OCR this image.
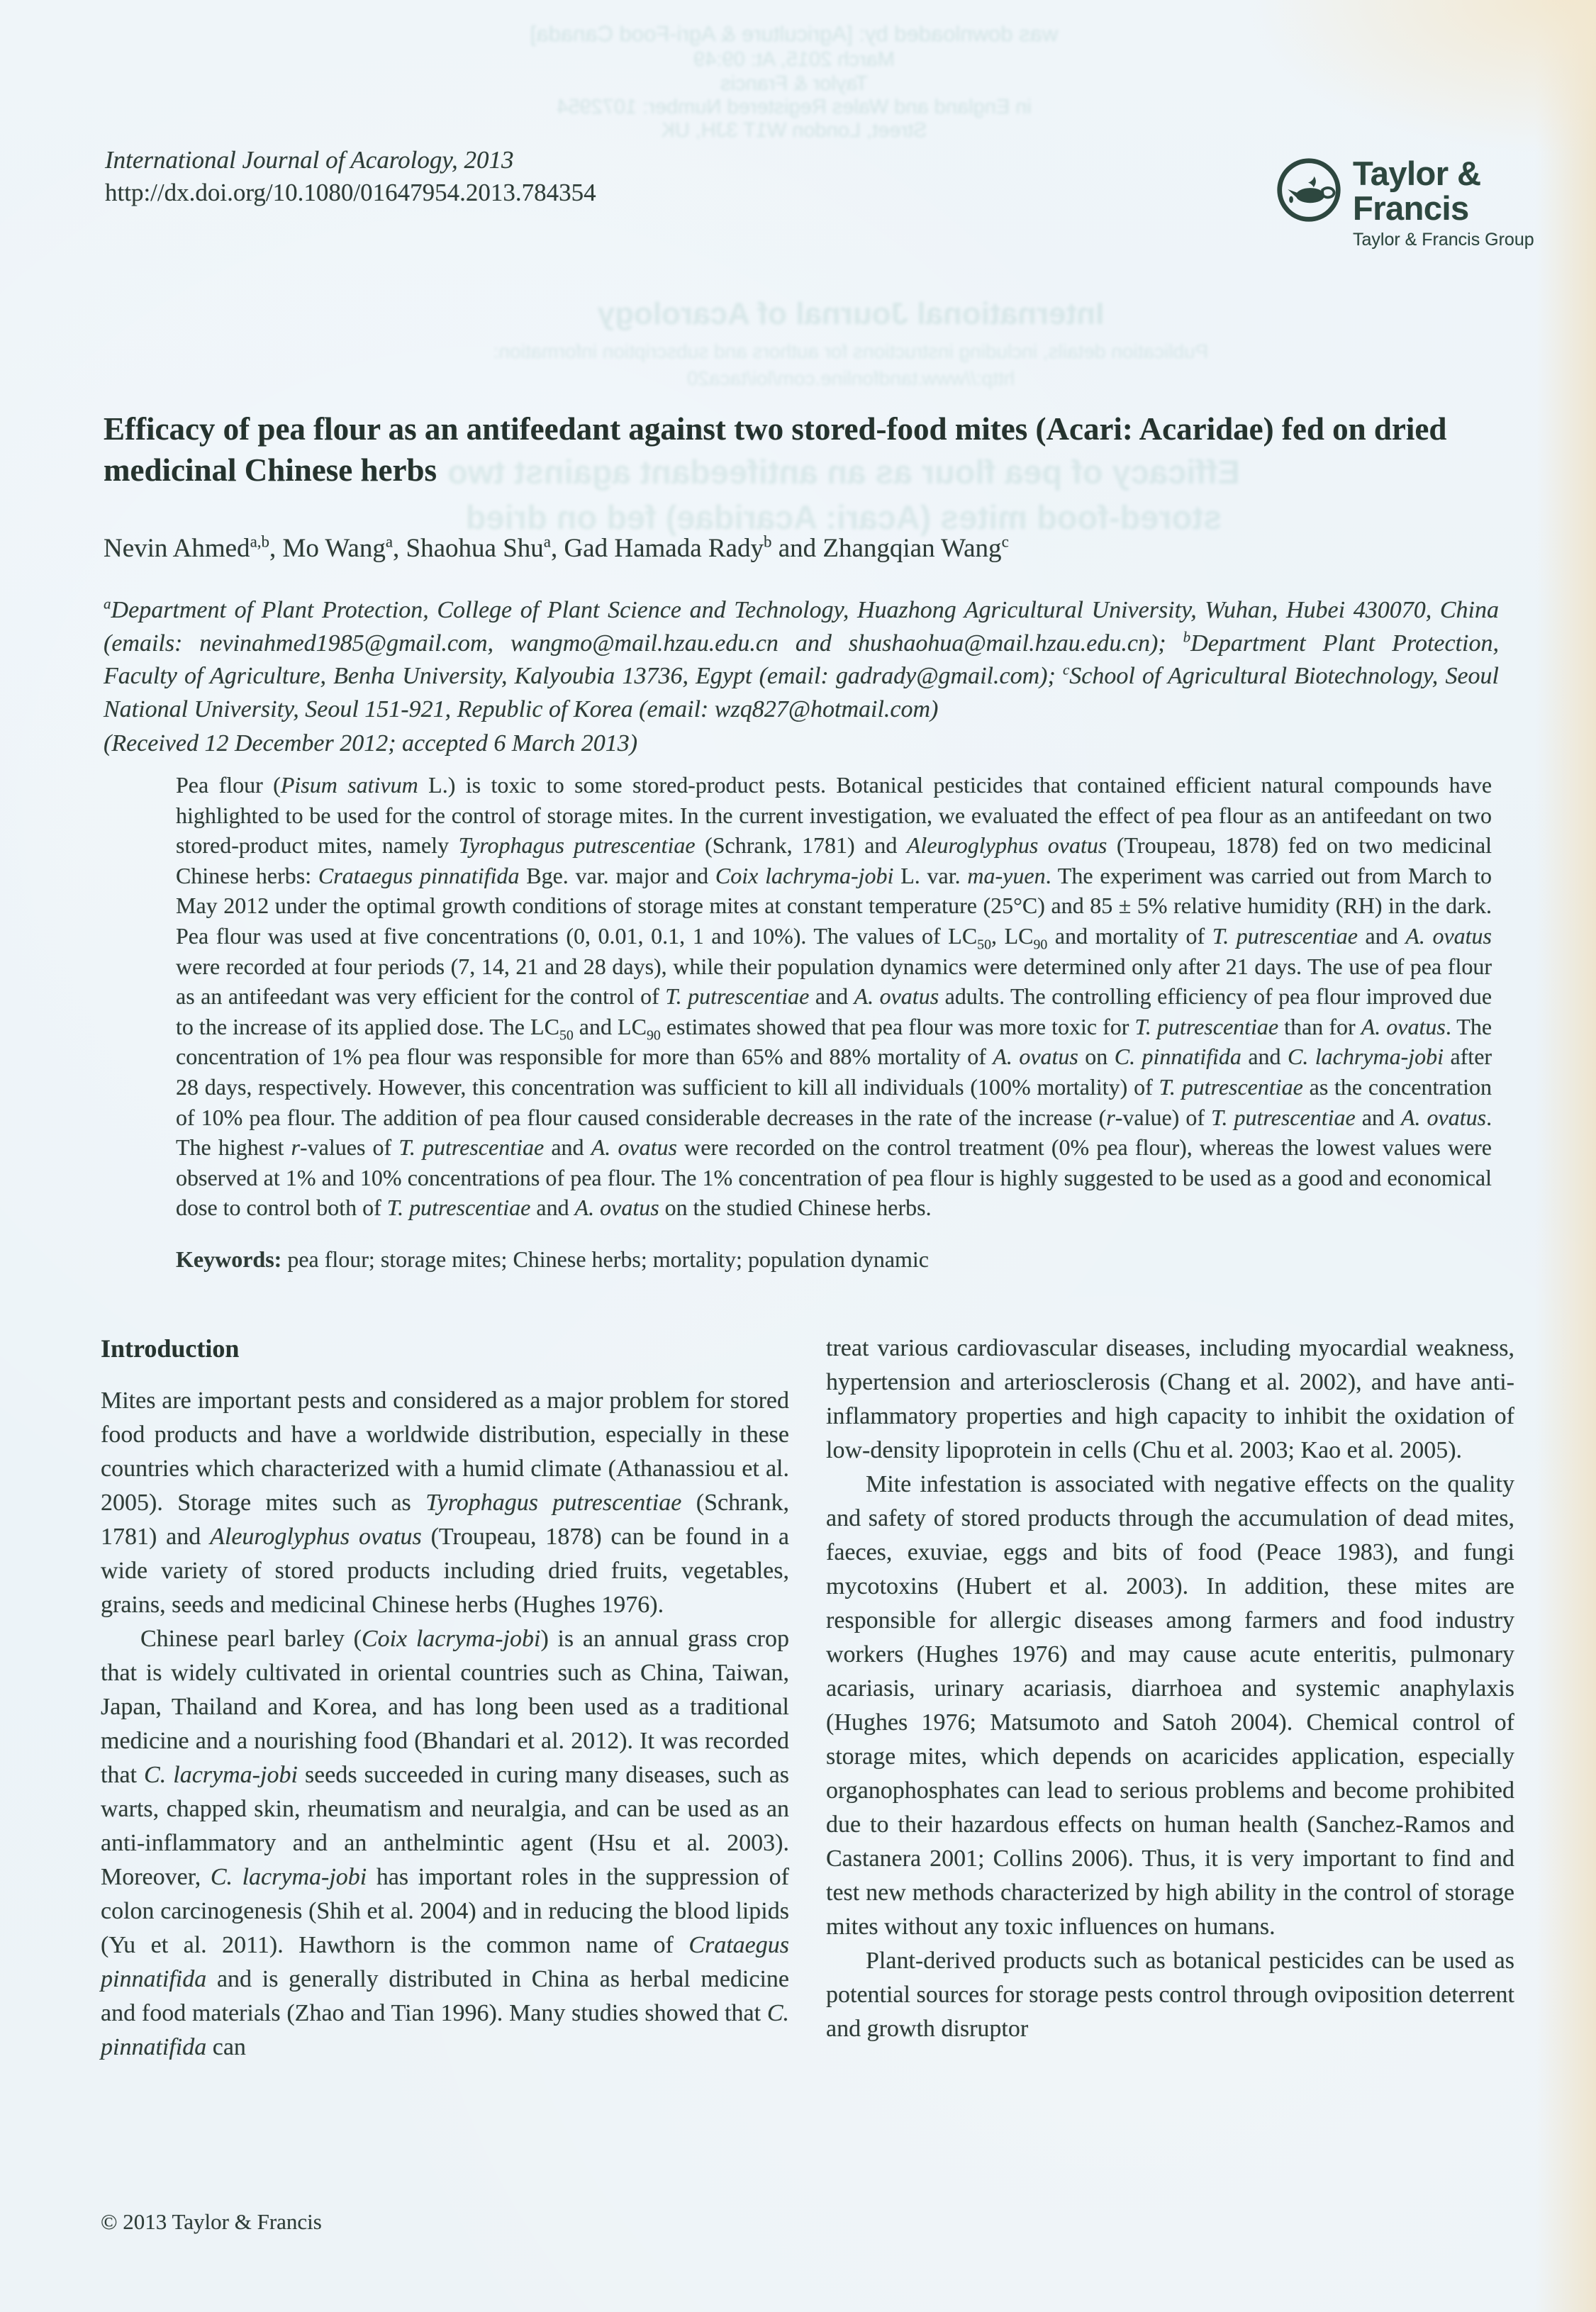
was downloaded by: [Agriculture & Agri-Food Canada]
March 2015, At: 09:49
Taylor & Francis
in England and Wales Registered Number: 1072954
Street, London W1T 3JH, UK
International Journal of Acarology
Publication details, including instructions for authors and subscription information:
http://www.tandfonline.com/loi/taca20
Efficacy of pea flour as an antifeedant against two
stored-food mites (Acari: Acaridae) fed on dried
International Journal of Acarology, 2013
http://dx.doi.org/10.1080/01647954.2013.784354
Taylor & Francis
Taylor & Francis Group
Efficacy of pea flour as an antifeedant against two stored-food mites (Acari: Acaridae) fed on dried medicinal Chinese herbs
Nevin Ahmed$^{a,b}$, Mo Wang$^a$, Shaohua Shu$^a$, Gad Hamada Rady$^b$ and Zhangqian Wang$^c$
$^a$Department of Plant Protection, College of Plant Science and Technology, Huazhong Agricultural University, Wuhan, Hubei 430070, China (emails: nevinahmed1985@gmail.com, wangmo@mail.hzau.edu.cn and shushaohua@mail.hzau.edu.cn); $^b$Department Plant Protection, Faculty of Agriculture, Benha University, Kalyoubia 13736, Egypt (email: gadrady@gmail.com); $^c$School of Agricultural Biotechnology, Seoul National University, Seoul 151-921, Republic of Korea (email: wzq827@hotmail.com)
(Received 12 December 2012; accepted 6 March 2013)
Pea flour (Pisum sativum L.) is toxic to some stored-product pests. Botanical pesticides that contained efficient natural compounds have highlighted to be used for the control of storage mites. In the current investigation, we evaluated the effect of pea flour as an antifeedant on two stored-product mites, namely Tyrophagus putrescentiae (Schrank, 1781) and Aleuroglyphus ovatus (Troupeau, 1878) fed on two medicinal Chinese herbs: Crataegus pinnatifida Bge. var. major and Coix lachryma-jobi L. var. ma-yuen. The experiment was carried out from March to May 2012 under the optimal growth conditions of storage mites at constant temperature (25°C) and 85 ± 5% relative humidity (RH) in the dark. Pea flour was used at five concentrations (0, 0.01, 0.1, 1 and 10%). The values of $LC_{50}$, $LC_{90}$ and mortality of T. putrescentiae and A. ovatus were recorded at four periods (7, 14, 21 and 28 days), while their population dynamics were determined only after 21 days. The use of pea flour as an antifeedant was very efficient for the control of T. putrescentiae and A. ovatus adults. The controlling efficiency of pea flour improved due to the increase of its applied dose. The $LC_{50}$ and $LC_{90}$ estimates showed that pea flour was more toxic for T. putrescentiae than for A. ovatus. The concentration of 1% pea flour was responsible for more than 65% and 88% mortality of A. ovatus on C. pinnatifida and C. lachryma-jobi after 28 days, respectively. However, this concentration was sufficient to kill all individuals (100% mortality) of T. putrescentiae as the concentration of 10% pea flour. The addition of pea flour caused considerable decreases in the rate of the increase (r-value) of T. putrescentiae and A. ovatus. The highest r-values of T. putrescentiae and A. ovatus were recorded on the control treatment (0% pea flour), whereas the lowest values were observed at 1% and 10% concentrations of pea flour. The 1% concentration of pea flour is highly suggested to be used as a good and economical dose to control both of T. putrescentiae and A. ovatus on the studied Chinese herbs.
Keywords: pea flour; storage mites; Chinese herbs; mortality; population dynamic
Introduction

Mites are important pests and considered as a major problem for stored food products and have a worldwide distribution, especially in these countries which characterized with a humid climate (Athanassiou et al. 2005). Storage mites such as Tyrophagus putrescentiae (Schrank, 1781) and Aleuroglyphus ovatus (Troupeau, 1878) can be found in a wide variety of stored products including dried fruits, vegetables, grains, seeds and medicinal Chinese herbs (Hughes 1976).

Chinese pearl barley (Coix lacryma-jobi) is an annual grass crop that is widely cultivated in oriental countries such as China, Taiwan, Japan, Thailand and Korea, and has long been used as a traditional medicine and a nourishing food (Bhandari et al. 2012). It was recorded that C. lacryma-jobi seeds succeeded in curing many diseases, such as warts, chapped skin, rheumatism and neuralgia, and can be used as an anti-inflammatory and an anthelmintic agent (Hsu et al. 2003). Moreover, C. lacryma-jobi has important roles in the suppression of colon carcinogenesis (Shih et al. 2004) and in reducing the blood lipids (Yu et al. 2011). Hawthorn is the common name of Crataegus pinnatifida and is generally distributed in China as herbal medicine and food materials (Zhao and Tian 1996). Many studies showed that C. pinnatifida can

treat various cardiovascular diseases, including myocardial weakness, hypertension and arteriosclerosis (Chang et al. 2002), and have anti-inflammatory properties and high capacity to inhibit the oxidation of low-density lipoprotein in cells (Chu et al. 2003; Kao et al. 2005).

Mite infestation is associated with negative effects on the quality and safety of stored products through the accumulation of dead mites, faeces, exuviae, eggs and bits of food (Peace 1983), and fungi mycotoxins (Hubert et al. 2003). In addition, these mites are responsible for allergic diseases among farmers and food industry workers (Hughes 1976) and may cause acute enteritis, pulmonary acariasis, urinary acariasis, diarrhoea and systemic anaphylaxis (Hughes 1976; Matsumoto and Satoh 2004). Chemical control of storage mites, which depends on acaricides application, especially organophosphates can lead to serious problems and become prohibited due to their hazardous effects on human health (Sanchez-Ramos and Castanera 2001; Collins 2006). Thus, it is very important to find and test new methods characterized by high ability in the control of storage mites without any toxic influences on humans.

Plant-derived products such as botanical pesticides can be used as potential sources for storage pests control through oviposition deterrent and growth disruptor

© 2013 Taylor & Francis
